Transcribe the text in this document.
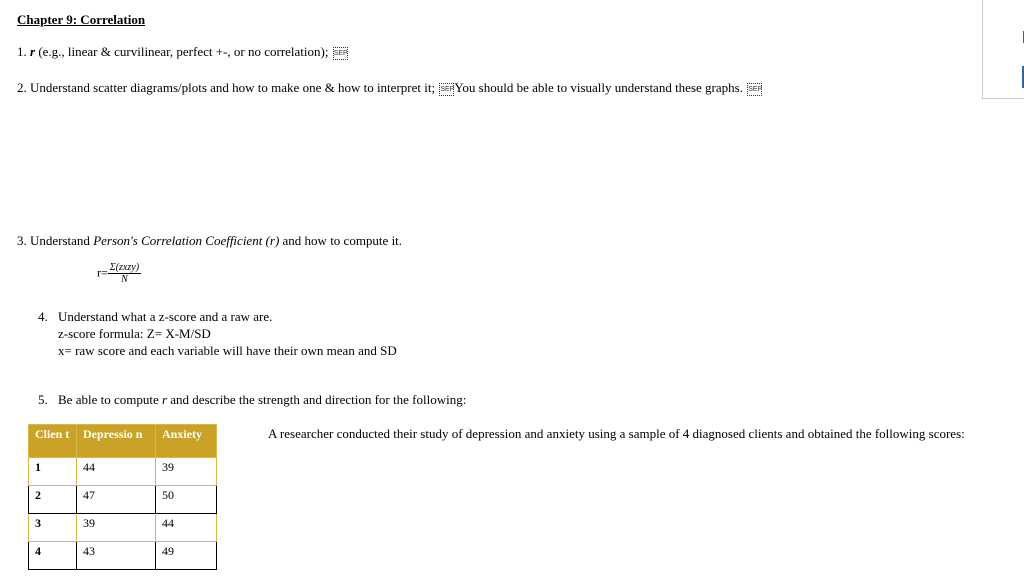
Chapter 9: Correlation
1. r (e.g., linear & curvilinear, perfect +-, or no correlation); SEP
2. Understand scatter diagrams/plots and how to make one & how to interpret it; SEPYou should be able to visually understand these graphs. SEP
3. Understand Person's Correlation Coefficient (r) and how to compute it.
$r= \frac{\text{Σ(zxzy)}}{N}$
4. Understand what a z-score and a raw are.
z-score formula: Z= X-M/SD
x= raw score and each variable will have their own mean and SD
5. Be able to compute r and describe the strength and direction for the following:
A researcher conducted their study of depression and anxiety using a sample of 4 diagnosed clients and obtained the following scores:
Clien t	Depressio n	Anxiety
1	44	39
2	47	50
3	39	44
4	43	49
